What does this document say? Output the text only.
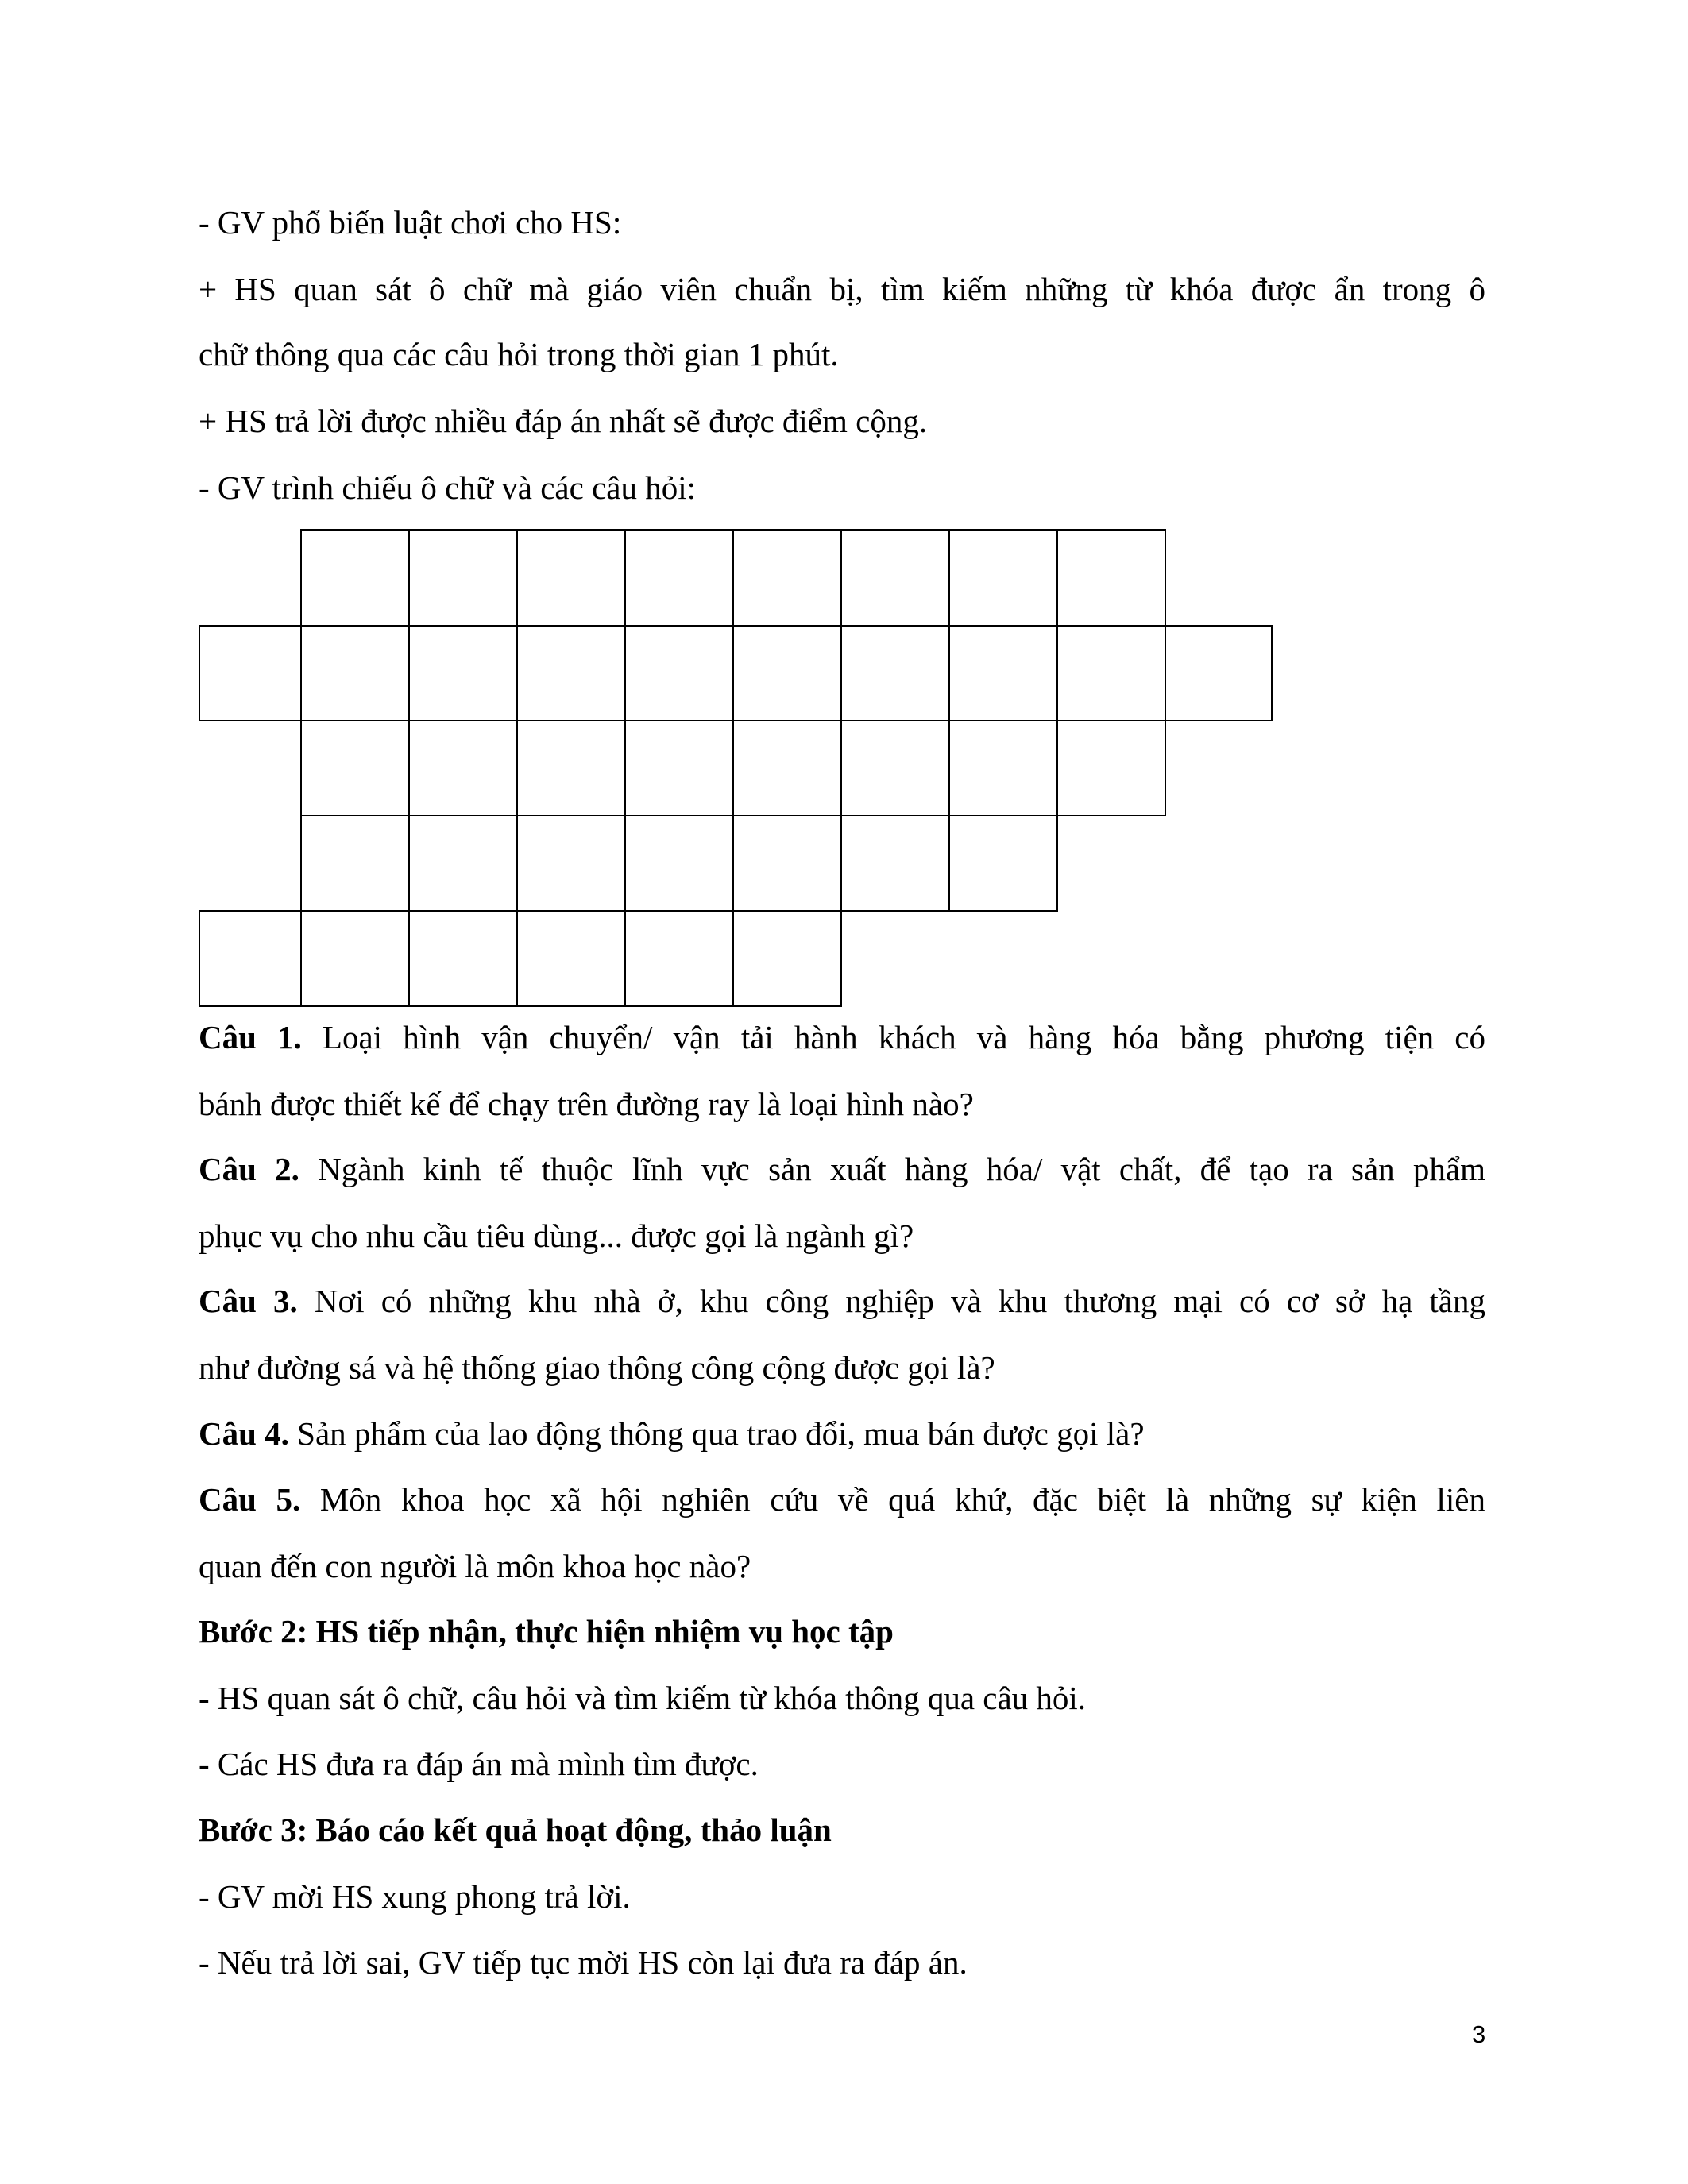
- GV phổ biến luật chơi cho HS:
+ HS quan sát ô chữ mà giáo viên chuẩn bị, tìm kiếm những từ khóa được ẩn trong ô
chữ thông qua các câu hỏi trong thời gian 1 phút.
+ HS trả lời được nhiều đáp án nhất sẽ được điểm cộng.
- GV trình chiếu ô chữ và các câu hỏi:
Câu 1. Loại hình vận chuyển/ vận tải hành khách và hàng hóa bằng phương tiện có
bánh được thiết kế để chạy trên đường ray là loại hình nào?
Câu 2. Ngành kinh tế thuộc lĩnh vực sản xuất hàng hóa/ vật chất, để tạo ra sản phẩm
phục vụ cho nhu cầu tiêu dùng... được gọi là ngành gì?
Câu 3. Nơi có những khu nhà ở, khu công nghiệp và khu thương mại có cơ sở hạ tầng
như đường sá và hệ thống giao thông công cộng được gọi là?
Câu 4. Sản phẩm của lao động thông qua trao đổi, mua bán được gọi là?
Câu 5. Môn khoa học xã hội nghiên cứu về quá khứ, đặc biệt là những sự kiện liên
quan đến con người là môn khoa học nào?
Bước 2: HS tiếp nhận, thực hiện nhiệm vụ học tập
- HS quan sát ô chữ, câu hỏi và tìm kiếm từ khóa thông qua câu hỏi.
- Các HS đưa ra đáp án mà mình tìm được.
Bước 3: Báo cáo kết quả hoạt động, thảo luận
- GV mời HS xung phong trả lời.
- Nếu trả lời sai, GV tiếp tục mời HS còn lại đưa ra đáp án.
3
